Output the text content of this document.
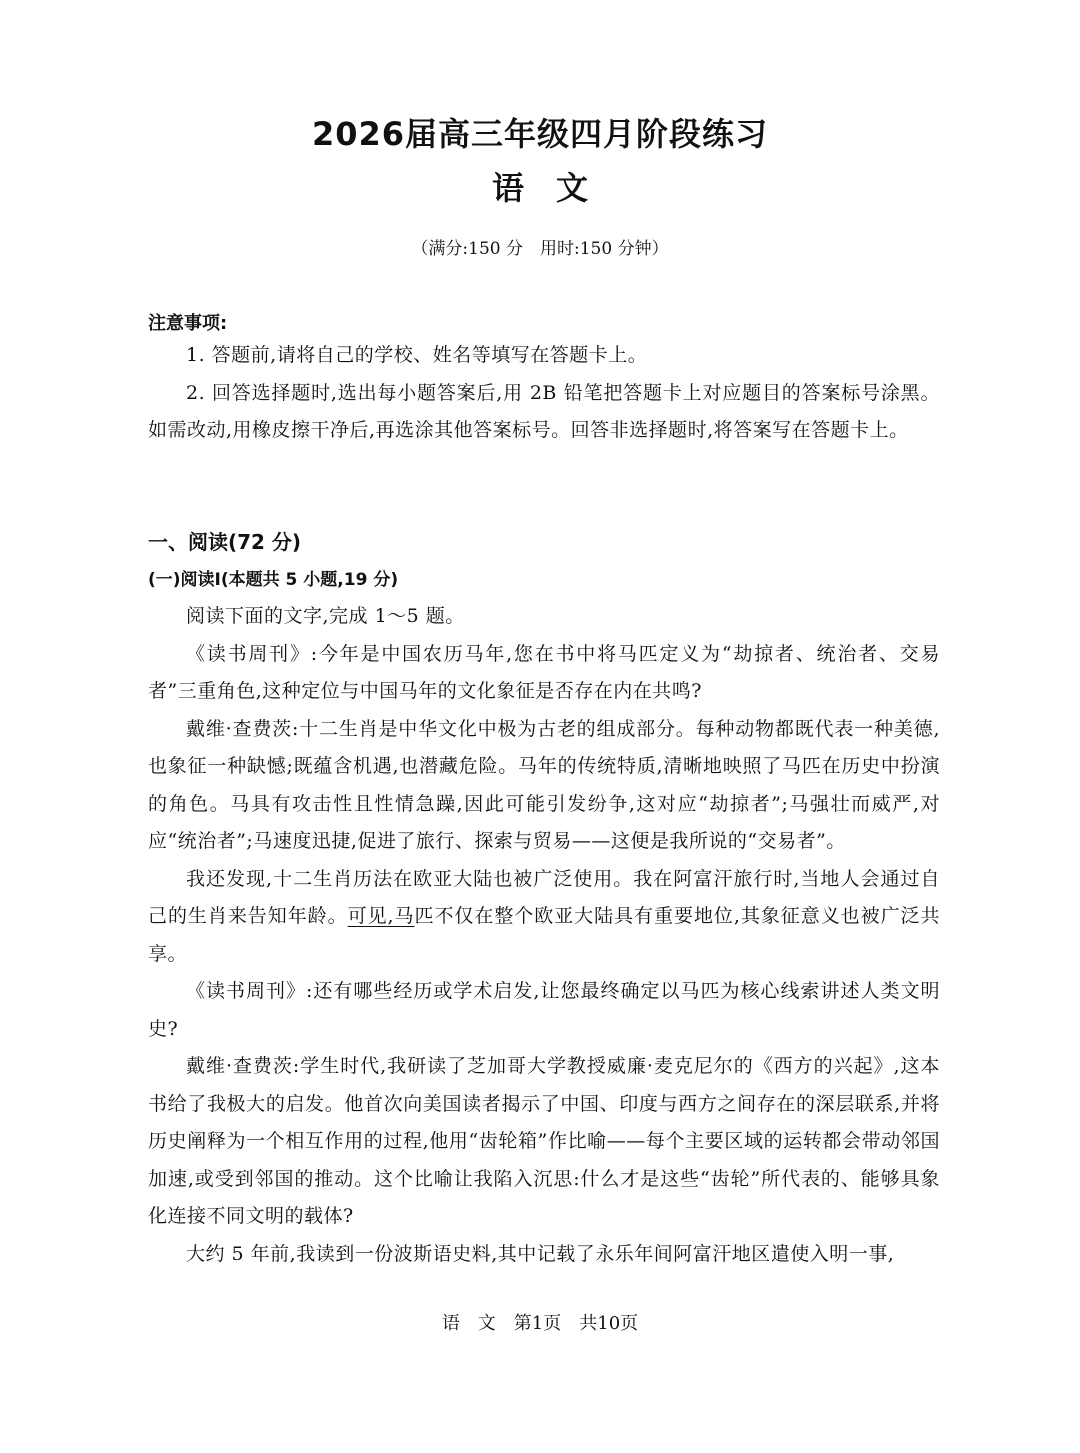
2026届高三年级四月阶段练习
语　文
（满分:150 分　用时:150 分钟）
注意事项:

1. 答题前,请将自己的学校、姓名等填写在答题卡上。

2. 回答选择题时,选出每小题答案后,用 2B 铅笔把答题卡上对应题目的答案标号涂黑。如需改动,用橡皮擦干净后,再选涂其他答案标号。回答非选择题时,将答案写在答题卡上。

一、阅读(72 分)
(一)阅读Ⅰ(本题共 5 小题,19 分)

阅读下面的文字,完成 1～5 题。

《读书周刊》:今年是中国农历马年,您在书中将马匹定义为“劫掠者、统治者、交易者”三重角色,这种定位与中国马年的文化象征是否存在内在共鸣?

戴维·查费茨:十二生肖是中华文化中极为古老的组成部分。每种动物都既代表一种美德,也象征一种缺憾;既蕴含机遇,也潜藏危险。马年的传统特质,清晰地映照了马匹在历史中扮演的角色。马具有攻击性且性情急躁,因此可能引发纷争,这对应“劫掠者”;马强壮而威严,对应“统治者”;马速度迅捷,促进了旅行、探索与贸易——这便是我所说的“交易者”。

我还发现,十二生肖历法在欧亚大陆也被广泛使用。我在阿富汗旅行时,当地人会通过自己的生肖来告知年龄。可见,马匹不仅在整个欧亚大陆具有重要地位,其象征意义也被广泛共享。

《读书周刊》:还有哪些经历或学术启发,让您最终确定以马匹为核心线索讲述人类文明史?

戴维·查费茨:学生时代,我研读了芝加哥大学教授威廉·麦克尼尔的《西方的兴起》,这本书给了我极大的启发。他首次向美国读者揭示了中国、印度与西方之间存在的深层联系,并将历史阐释为一个相互作用的过程,他用“齿轮箱”作比喻——每个主要区域的运转都会带动邻国加速,或受到邻国的推动。这个比喻让我陷入沉思:什么才是这些“齿轮”所代表的、能够具象化连接不同文明的载体?

大约 5 年前,我读到一份波斯语史料,其中记载了永乐年间阿富汗地区遣使入明一事,

语　文　第1页　共10页
